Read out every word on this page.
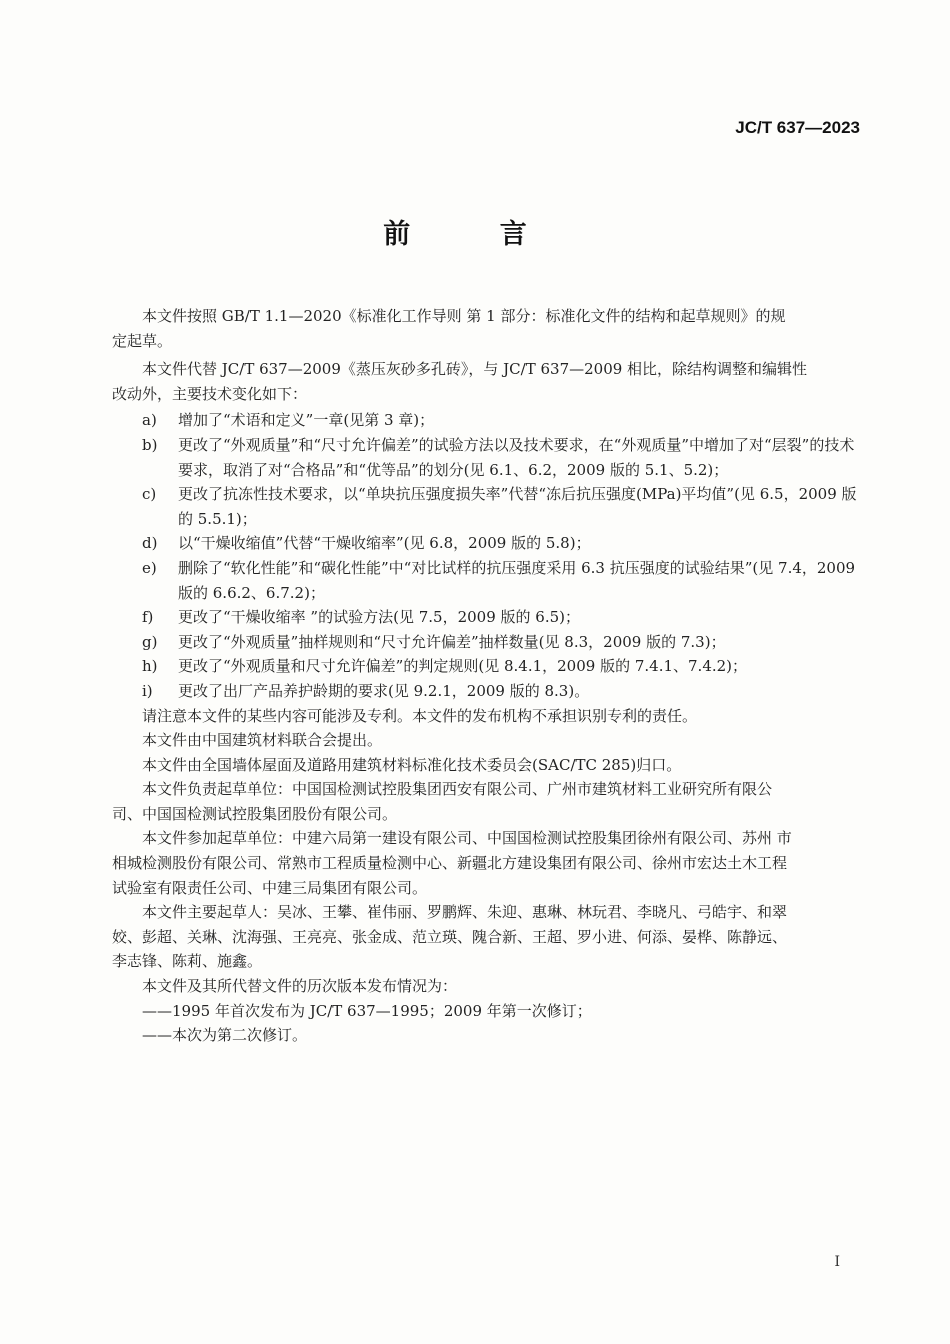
JC/T 637—2023
前 言

本文件按照 GB/T 1.1—2020《标准化工作导则 第 1 部分：标准化文件的结构和起草规则》的规

定起草。

本文件代替 JC/T 637—2009《蒸压灰砂多孔砖》，与 JC/T 637—2009 相比，除结构调整和编辑性

改动外，主要技术变化如下：

a)	增加了“术语和定义”一章(见第 3 章)；
b)	更改了“外观质量”和“尺寸允许偏差”的试验方法以及技术要求，在“外观质量”中增加了对“层裂”的技术要求，取消了对“合格品”和“优等品”的划分(见 6.1、6.2，2009 版的 5.1、5.2)；
c)	更改了抗冻性技术要求，以“单块抗压强度损失率”代替“冻后抗压强度(MPa)平均值”(见 6.5，2009 版的 5.5.1)；
d)	以“干燥收缩值”代替“干燥收缩率”(见 6.8，2009 版的 5.8)；
e)	删除了“软化性能”和“碳化性能”中“对比试样的抗压强度采用 6.3 抗压强度的试验结果”(见 7.4，2009 版的 6.6.2、6.7.2)；
f)	更改了“干燥收缩率 ”的试验方法(见 7.5，2009 版的 6.5)；
g)	更改了“外观质量”抽样规则和“尺寸允许偏差”抽样数量(见 8.3，2009 版的 7.3)；
h)	更改了“外观质量和尺寸允许偏差”的判定规则(见 8.4.1，2009 版的 7.4.1、7.4.2)；
i)	更改了出厂产品养护龄期的要求(见 9.2.1，2009 版的 8.3)。

请注意本文件的某些内容可能涉及专利。本文件的发布机构不承担识别专利的责任。

本文件由中国建筑材料联合会提出。

本文件由全国墙体屋面及道路用建筑材料标准化技术委员会(SAC/TC 285)归口。

本文件负责起草单位：中国国检测试控股集团西安有限公司、广州市建筑材料工业研究所有限公

司、中国国检测试控股集团股份有限公司。

本文件参加起草单位：中建六局第一建设有限公司、中国国检测试控股集团徐州有限公司、苏州 市

相城检测股份有限公司、常熟市工程质量检测中心、新疆北方建设集团有限公司、徐州市宏达土木工程

试验室有限责任公司、中建三局集团有限公司。

本文件主要起草人：吴冰、王攀、崔伟丽、罗鹏辉、朱迎、惠琳、林玩君、李晓凡、弓皓宇、和翠

姣、彭超、关琳、沈海强、王亮亮、张金成、范立瑛、隗合新、王超、罗小进、何添、晏桦、陈静远、

李志锋、陈莉、施鑫。

本文件及其所代替文件的历次版本发布情况为：

——1995 年首次发布为 JC/T 637—1995；2009 年第一次修订；

——本次为第二次修订。

I
